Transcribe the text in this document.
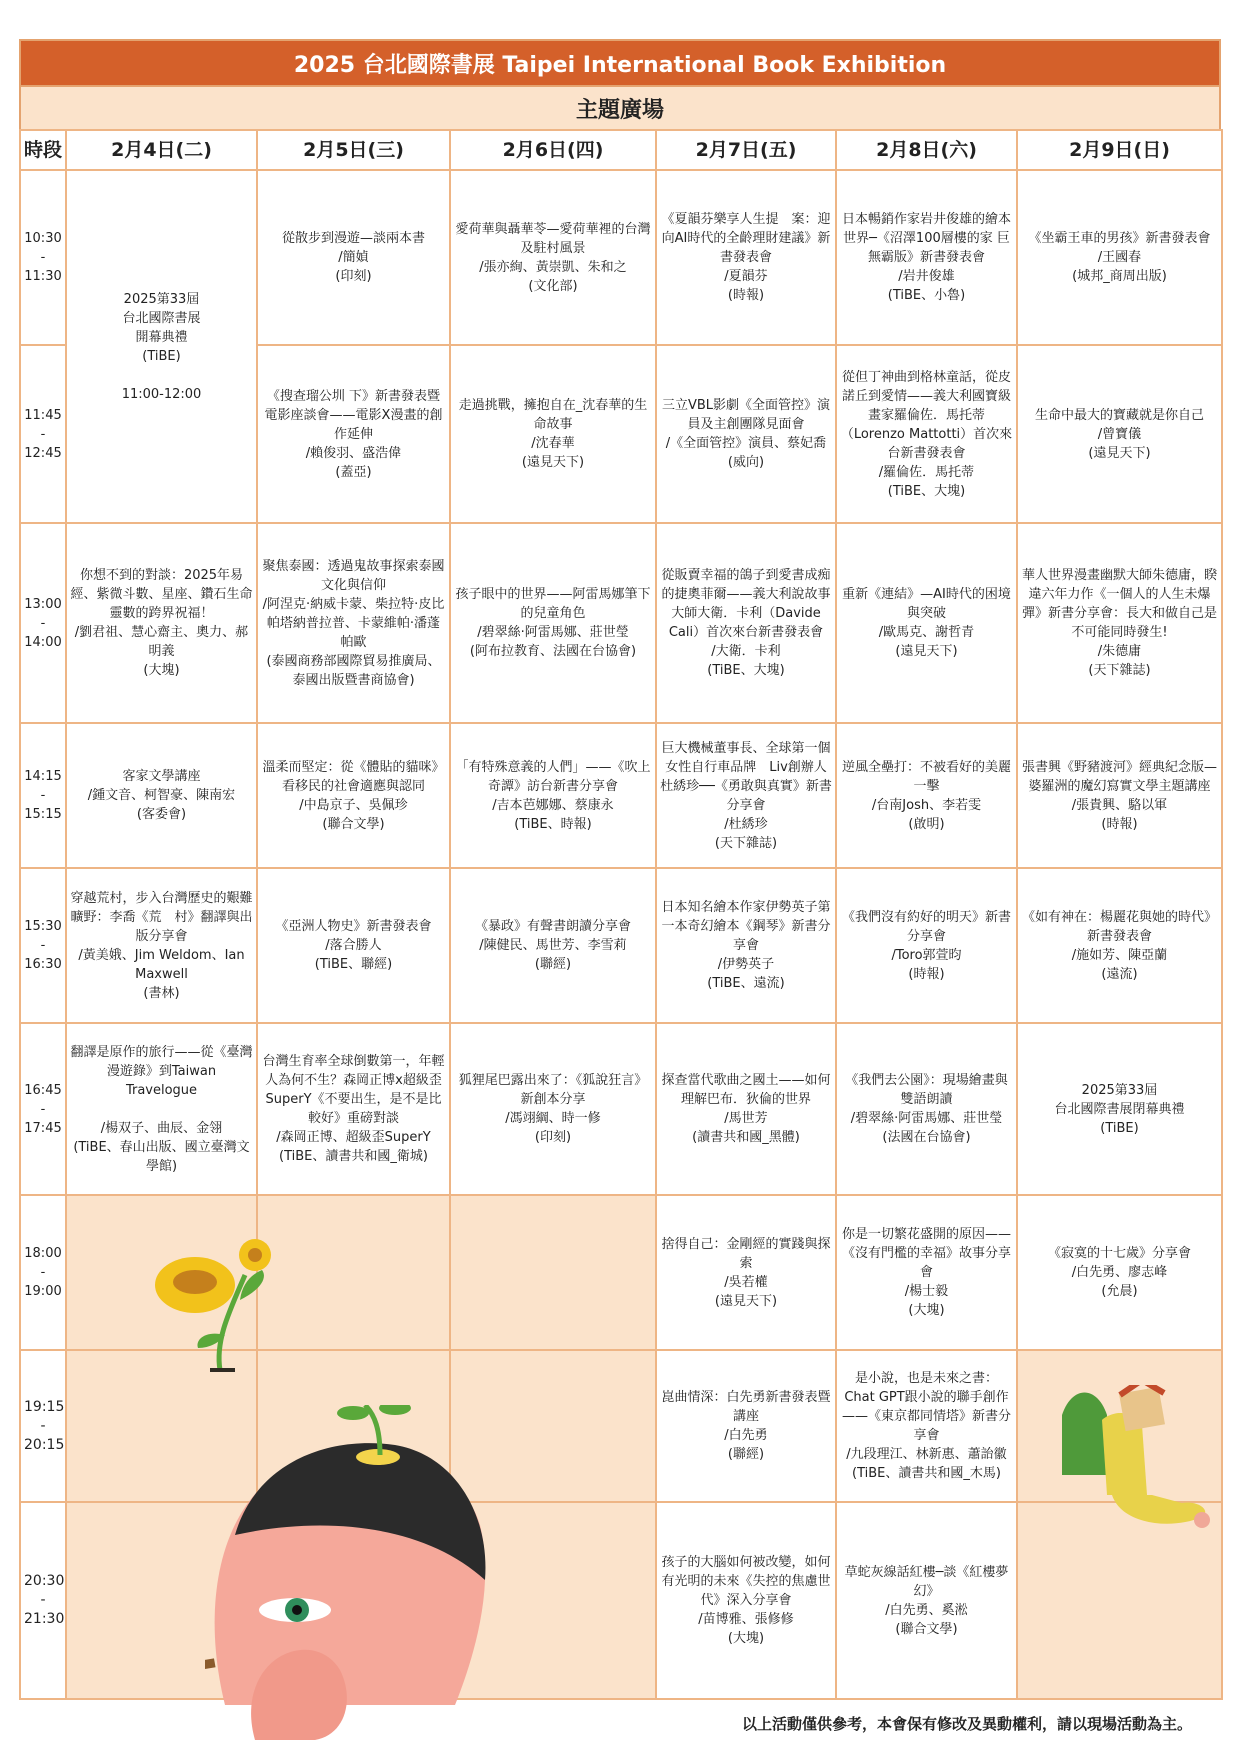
2025 台北國際書展 Taipei International Book Exhibition
主題廣場
時段	2月4日(二)	2月5日(三)	2月6日(四)	2月7日(五)	2月8日(六)	2月9日(日)
10:30
-
11:30	2025第33屆
台北國際書展
開幕典禮
(TiBE)

11:00-12:00	從散步到漫遊—談兩本書
/簡媜
(印刻)	愛荷華與聶華苓—愛荷華裡的台灣及駐村風景
/張亦絢、黃崇凱、朱和之
(文化部)	《夏韻芬樂享人生提　案：迎向AI時代的全齡理財建議》新書發表會
/夏韻芬
(時報)	日本暢銷作家岩井俊雄的繪本世界─《沼澤100層樓的家 巨無霸版》新書發表會
/岩井俊雄
(TiBE、小魯)	《坐霸王車的男孩》新書發表會
/王國春
(城邦_商周出版)
11:45
-
12:45		《搜查瑠公圳 下》新書發表暨電影座談會——電影X漫畫的創作延伸
/賴俊羽、盛浩偉
(蓋亞)	走過挑戰，擁抱自在_沈春華的生命故事
/沈春華
(遠見天下)	三立VBL影劇《全面管控》演員及主創團隊見面會
/《全面管控》演員、蔡妃喬
(威向)	從但丁神曲到格林童話，從皮諾丘到愛情——義大利國寶級畫家羅倫佐．馬托蒂（Lorenzo Mattotti）首次來台新書發表會
/羅倫佐．馬托蒂
(TiBE、大塊)	生命中最大的寶藏就是你自己
/曾寶儀
(遠見天下)
13:00
-
14:00	你想不到的對談：2025年易經、紫微斗數、星座、鑽石生命靈數的跨界祝福！
/劉君祖、慧心齋主、奧力、郝明義
(大塊)	聚焦泰國：透過鬼故事探索泰國文化與信仰
/阿涅克·納威卡蒙、柴拉特·皮比帕塔納普拉普、卡蒙維帕·潘蓬帕歐
(泰國商務部國際貿易推廣局、泰國出版暨書商協會)	孩子眼中的世界——阿雷馬娜筆下的兒童角色
/碧翠絲·阿雷馬娜、莊世瑩
(阿布拉教育、法國在台協會)	從販賣幸福的鴿子到愛書成痴的捷奧菲爾——義大利說故事大師大衛．卡利（Davide Cali）首次來台新書發表會
/大衛．卡利
(TiBE、大塊)	重新《連結》—AI時代的困境與突破
/歐馬克、謝哲青
(遠見天下)	華人世界漫畫幽默大師朱德庸，睽違六年力作《一個人的人生未爆彈》新書分享會：長大和做自己是不可能同時發生!
/朱德庸
(天下雜誌)
14:15
-
15:15	客家文學講座
/鍾文音、柯智豪、陳南宏
(客委會)	溫柔而堅定：從《體貼的貓咪》看移民的社會適應與認同
/中島京子、吳佩珍
(聯合文學)	「有特殊意義的人們」——《吹上奇譚》訪台新書分享會
/吉本芭娜娜、蔡康永
(TiBE、時報)	巨大機械董事長、全球第一個女性自行車品牌　Liv創辦人杜綉珍──《勇敢與真實》新書分享會
/杜綉珍
(天下雜誌)	逆風全壘打：不被看好的美麗一擊
/台南Josh、李若雯
(啟明)	張書興《野豬渡河》經典紀念版—婆羅洲的魔幻寫實文學主題講座
/張貴興、駱以軍
(時報)
15:30
-
16:30	穿越荒村，步入台灣歷史的艱難曠野：李喬《荒　村》翻譯與出版分享會
/黃美娥、Jim Weldom、Ian Maxwell
(書林)	《亞洲人物史》新書發表會
/落合勝人
(TiBE、聯經)	《暴政》有聲書朗讀分享會
/陳健民、馬世芳、李雪莉
(聯經)	日本知名繪本作家伊勢英子第一本奇幻繪本《鋼琴》新書分享會
/伊勢英子
(TiBE、遠流)	《我們沒有約好的明天》新書分享會
/Toro郭萱昀
(時報)	《如有神在：楊麗花與她的時代》新書發表會
/施如芳、陳亞蘭
(遠流)
16:45
-
17:45	翻譯是原作的旅行——從《臺灣漫遊錄》到Taiwan Travelogue

/楊双子、曲辰、金翎
(TiBE、春山出版、國立臺灣文學館)	台灣生育率全球倒數第一，年輕人為何不生？森岡正博x超級歪SuperY《不要出生，是不是比較好》重磅對談
/森岡正博、超級歪SuperY
(TiBE、讀書共和國_衛城)	狐狸尾巴露出來了：《狐說狂言》新創本分享
/馮翊綱、時一修
(印刻)	探查當代歌曲之國土——如何理解巴布．狄倫的世界
/馬世芳
(讀書共和國_黑體)	《我們去公園》：現場繪畫與雙語朗讀
/碧翠絲·阿雷馬娜、莊世瑩
(法國在台協會)	2025第33屆
台北國際書展閉幕典禮
(TiBE)
18:00
-
19:00				捨得自己：金剛經的實踐與探索
/吳若權
(遠見天下)	你是一切繁花盛開的原因——《沒有門檻的幸福》故事分享會
/楊士毅
(大塊)	《寂寞的十七歲》分享會
/白先勇、廖志峰
(允晨)
19:15
-
20:15				崑曲情深：白先勇新書發表暨講座
/白先勇
(聯經)	是小說，也是未來之書：Chat GPT跟小說的聯手創作——《東京都同情塔》新書分享會
/九段理江、林新惠、蕭詒徽
(TiBE、讀書共和國_木馬)	
20:30
-
21:30				孩子的大腦如何被改變，如何有光明的未來《失控的焦慮世代》深入分享會
/苗博雅、張修修
(大塊)	草蛇灰線話紅樓─談《紅樓夢幻》
/白先勇、奚淞
(聯合文學)	
以上活動僅供參考，本會保有修改及異動權利，請以現場活動為主。
